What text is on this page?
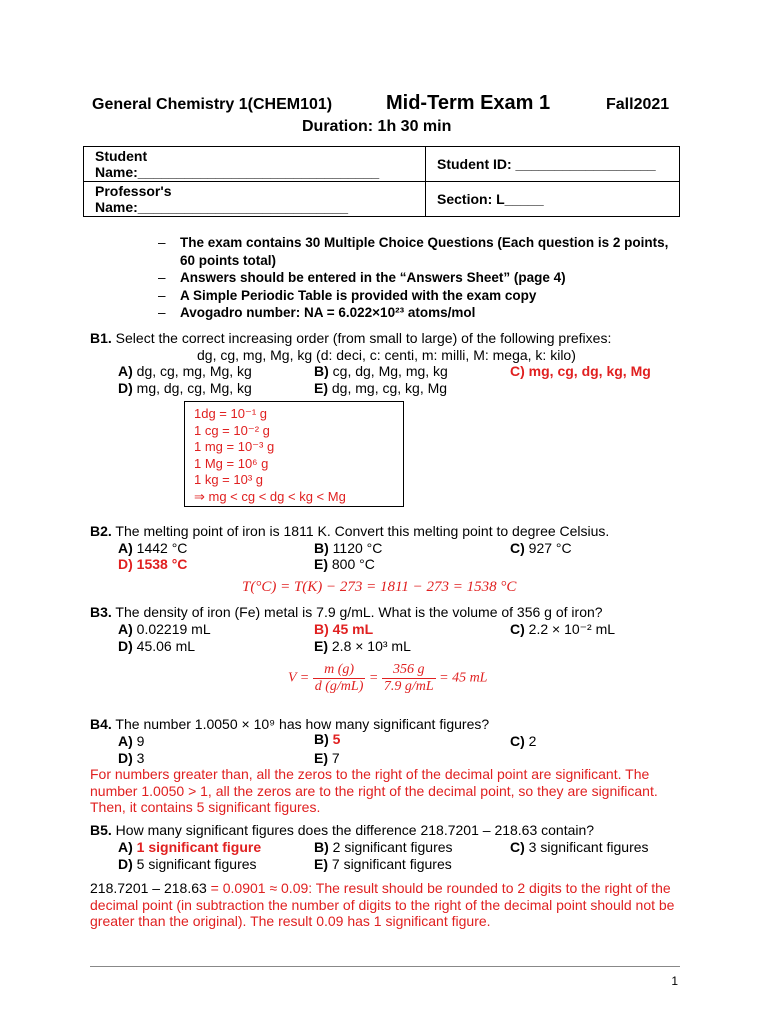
General Chemistry 1(CHEM101)	Mid-Term Exam 1	Fall2021
Duration: 1h 30 min
Student Name:_______________________________	Student ID: __________________
Professor's Name:___________________________	Section: L_____
– The exam contains 30 Multiple Choice Questions (Each question is 2 points, 60 points total)
– Answers should be entered in the “Answers Sheet” (page 4)
– A Simple Periodic Table is provided with the exam copy
– Avogadro number: NA = 6.022×10²³ atoms/mol
B1. Select the correct increasing order (from small to large) of the following prefixes:
dg, cg, mg, Mg, kg (d: deci, c: centi, m: milli, M: mega, k: kilo)
A) dg, cg, mg, Mg, kg	B) cg, dg, Mg, mg, kg	C) mg, cg, dg, kg, Mg
D) mg, dg, cg, Mg, kg	E) dg, mg, cg, kg, Mg
1dg = 10⁻¹ g
1 cg = 10⁻² g
1 mg = 10⁻³ g
1 Mg = 10⁶ g
1 kg = 10³ g
⇒ mg < cg < dg < kg < Mg
B2. The melting point of iron is 1811 K. Convert this melting point to degree Celsius.
A) 1442 °C	B) 1120 °C	C) 927 °C
D) 1538 °C	E) 800 °C
T(°C) = T(K) − 273 = 1811 − 273 = 1538 °C
B3. The density of iron (Fe) metal is 7.9 g/mL. What is the volume of 356 g of iron?
A) 0.02219 mL	B) 45 mL	C) 2.2 × 10⁻² mL
D) 45.06 mL	E) 2.8 × 10³ mL
$V = \frac{m (g)}{d (g/mL)} = \frac{356 g}{7.9 g/mL} = 45$ mL
B4. The number 1.0050 × 10⁹ has how many significant figures?
A) 9	B) 5	C) 2
D) 3	E) 7
For numbers greater than, all the zeros to the right of the decimal point are significant. The
number 1.0050 > 1, all the zeros are to the right of the decimal point, so they are significant.
Then, it contains 5 significant figures.
B5. How many significant figures does the difference 218.7201 – 218.63 contain?
A) 1 significant figure	B) 2 significant figures	C) 3 significant figures
D) 5 significant figures	E) 7 significant figures
218.7201 – 218.63 = 0.0901 ≈ 0.09: The result should be rounded to 2 digits to the right of the
decimal point (in subtraction the number of digits to the right of the decimal point should not be
greater than the original). The result 0.09 has 1 significant figure.
1
